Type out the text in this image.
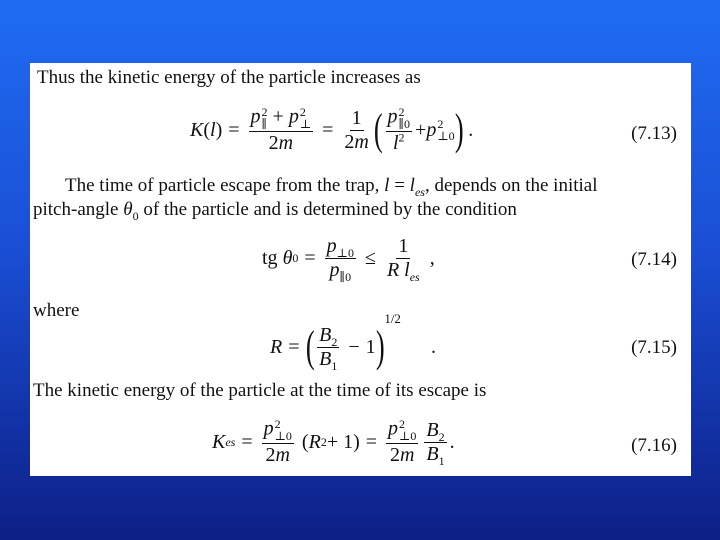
Thus the kinetic energy of the particle increases as
K ( l ) = p 2
∥ + p 2
⊥
$2m = \frac{1}{2m}$ ( p 2
∥0
$l^2 + p$ 2
⊥0 ) .	(7.13)
The time of particle escape from the trap, $l = l_{es}$, depends on the initial
pitch-angle $\theta_0$ of the particle and is determined by the condition
tg
θ $0 = \frac{p_{\perp 0}}{p_{\parallel 0}} \le \frac{1}{R l_{es}}$ ,	(7.14)
where
R = ( $\frac{B_2}{B_1} - 1$ )
1/2
.	(7.15)
The kinetic energy of the particle at the time of its escape is
K es = p 2
⊥0
2m ( R 2 + 1) = p 2
⊥0
$2m \frac{B_2}{B_1}$ .	(7.16)
